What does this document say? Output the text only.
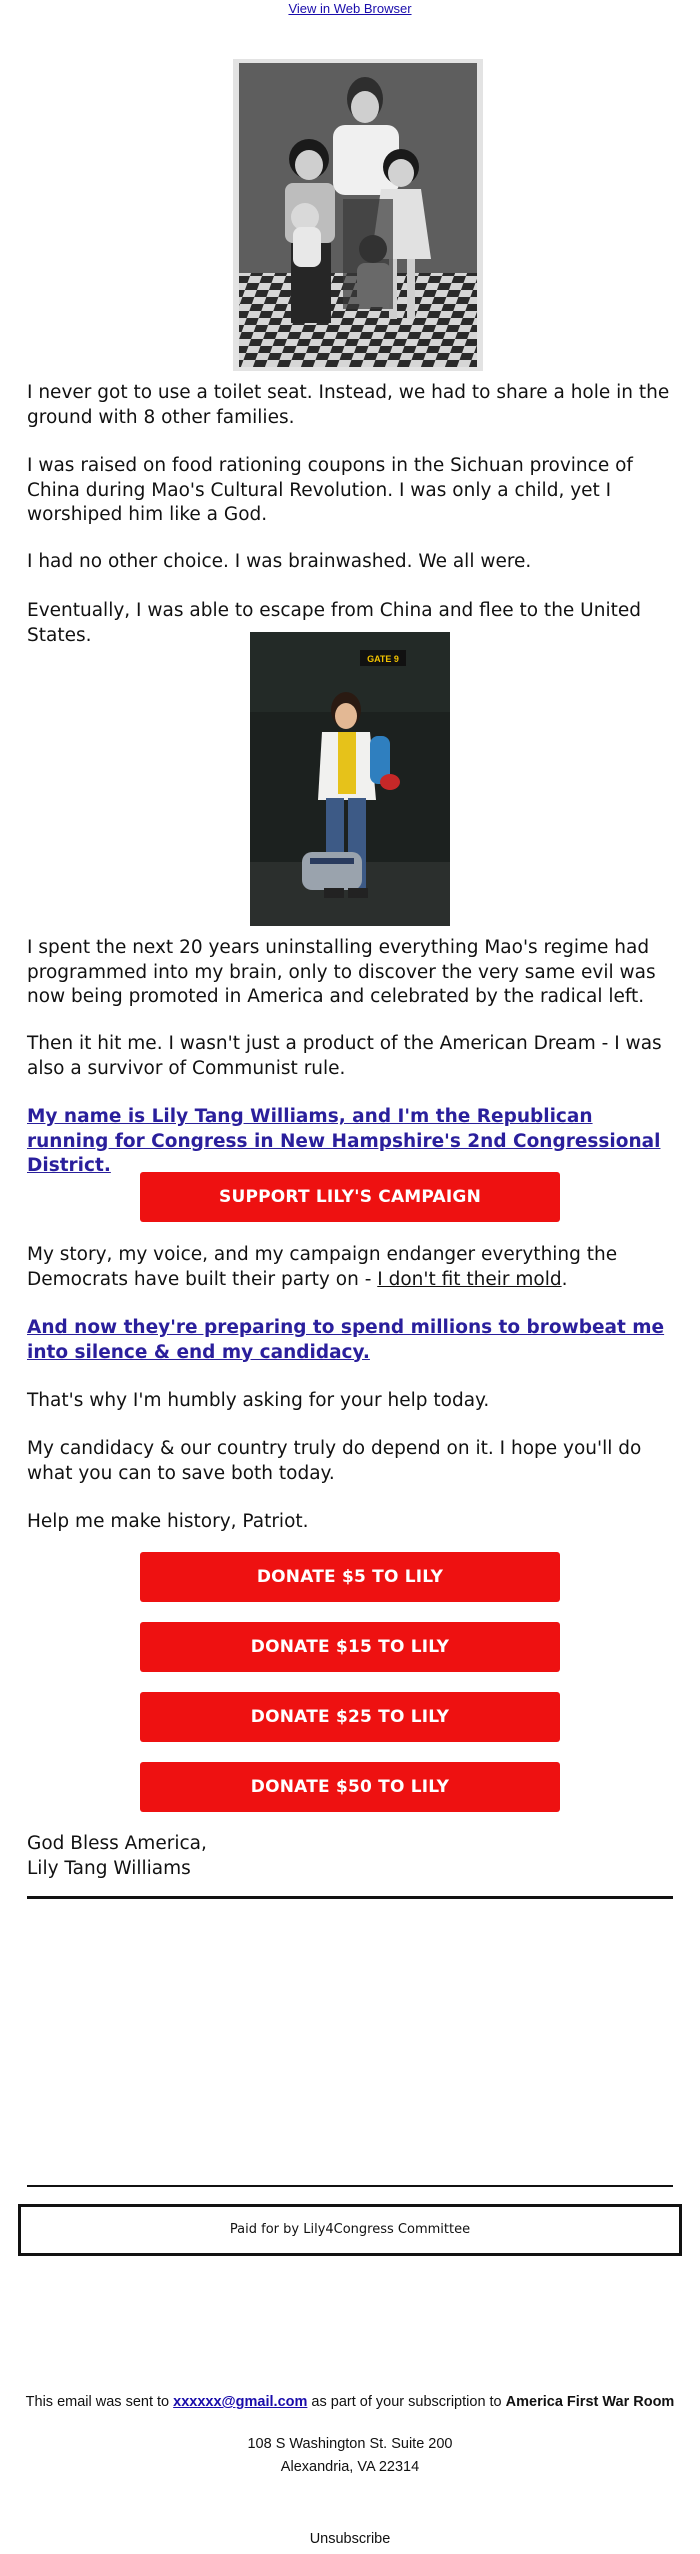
View in Web Browser
I never got to use a toilet seat. Instead, we had to share a hole in the ground with 8 other families.
I was raised on food rationing coupons in the Sichuan province of China during Mao's Cultural Revolution. I was only a child, yet I worshiped him like a God.
I had no other choice. I was brainwashed. We all were.
Eventually, I was able to escape from China and flee to the United States.
GATE 9
I spent the next 20 years uninstalling everything Mao's regime had programmed into my brain, only to discover the very same evil was now being promoted in America and celebrated by the radical left.
Then it hit me. I wasn't just a product of the American Dream - I was also a survivor of Communist rule.
My name is Lily Tang Williams, and I'm the Republican running for Congress in New Hampshire's 2nd Congressional District.
SUPPORT LILY'S CAMPAIGN
My story, my voice, and my campaign endanger everything the Democrats have built their party on - I don't fit their mold.
And now they're preparing to spend millions to browbeat me into silence & end my candidacy.
That's why I'm humbly asking for your help today.
My candidacy & our country truly do depend on it. I hope you'll do what you can to save both today.
Help me make history, Patriot.
DONATE $5 TO LILY
DONATE $15 TO LILY
DONATE $25 TO LILY
DONATE $50 TO LILY
God Bless America,
Lily Tang Williams
Paid for by Lily4Congress Committee
This email was sent to xxxxxx@gmail.com as part of your subscription to America First War Room
108 S Washington St. Suite 200
Alexandria, VA 22314
Unsubscribe
